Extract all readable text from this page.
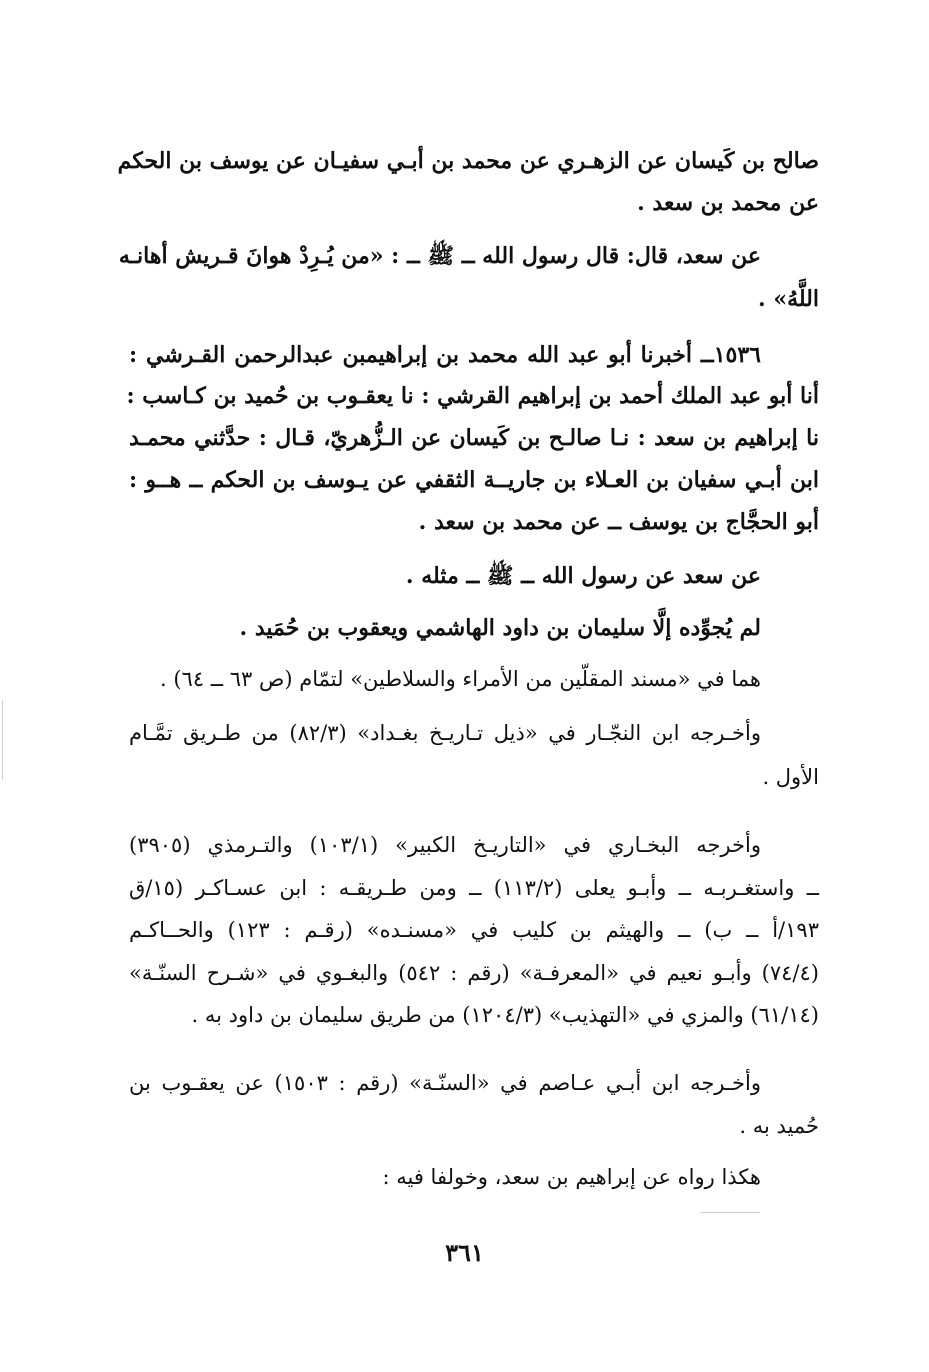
صالح بن كَيسان عن الزهـري عن محمد بن أبـي سفيـان عن يوسف بن الحكم
عن محمد بن سعد .
عن سعد، قال: قال رسول الله ــ ﷺ ــ : «من يُـرِدْ هوانَ قـريش أهانـه
اللَّهُ» .
١٥٣٦ــ أخبرنا أبو عبد الله محمد بن إبراهيمبن عبدالرحمن القـرشي :
أنا أبو عبد الملك أحمد بن إبراهيم القرشي : نا يعقـوب بن حُميد بن كـاسب :
نا إبراهيم بن سعد : نـا صالـح بن كَيسان عن الـزُّهريّ، قـال : حدَّثني محمـد
ابن أبـي سفيان بن العـلاء بن جاريــة الثقفي عن يـوسف بن الحكم ــ هــو :
أبو الحجَّاج بن يوسف ــ عن محمد بن سعد .
عن سعد عن رسول الله ــ ﷺ ــ مثله .
لم يُجوِّده إلَّا سليمان بن داود الهاشمي ويعقوب بن حُمَيد .
هما في «مسند المقلّين من الأمراء والسلاطين» لتمّام (ص ٦٣ ــ ٦٤) .
وأخـرجه ابن النجّـار في «ذيل تـاريـخ بغـداد» (٨٢/٣) من طـريق تمَّـام
الأول .
وأخرجه البخـاري في «التاريـخ الكبير» (١٠٣/١) والتـرمذي (٣٩٠٥)
ــ واستغـربـه ــ وأبـو يعلى (١١٣/٢) ــ ومن طـريقـه : ابن عسـاكـر (١٥/ق
١٩٣/أ ــ ب) ــ والهيثم بن كليب في «مسنـده» (رقـم : ١٢٣) والحــاكـم
(٧٤/٤) وأبـو نعيم في «المعرفـة» (رقم : ٥٤٢) والبغـوي في «شـرح السنّـة»
(٦١/١٤) والمزي في «التهذيب» (١٢٠٤/٣) من طريق سليمان بن داود به .
وأخـرجه ابن أبـي عـاصم في «السنّـة» (رقم : ١٥٠٣) عن يعقـوب بن
حُميد به .
هكذا رواه عن إبراهيم بن سعد، وخولفا فيه :
٣٦١
